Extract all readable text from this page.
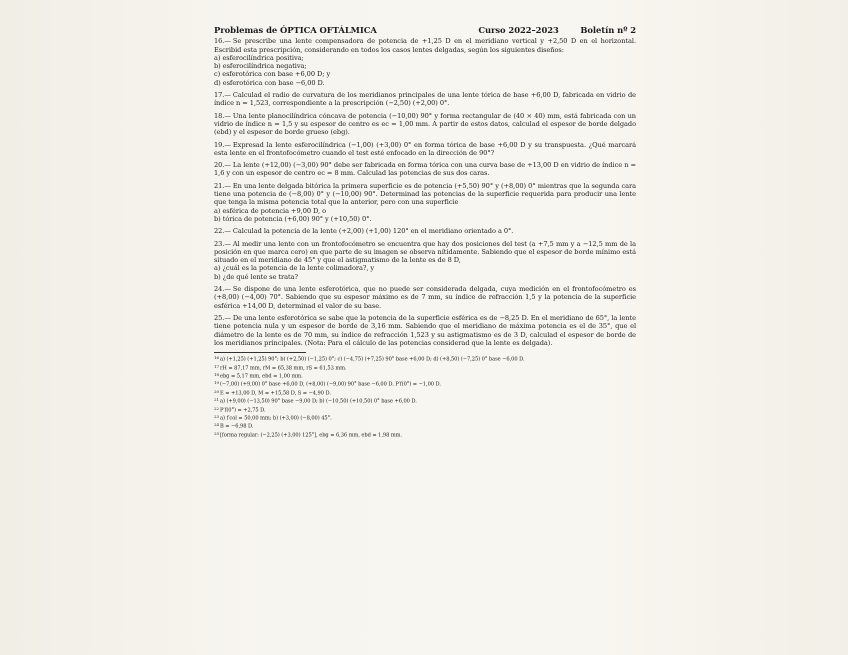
Problemas de ÓPTICA OFTÁLMICA	Curso 2022–2023	Boletín nº 2
16.— Se prescribe una lente compensadora de potencia de +1,25 D en el meridiano vertical y +2,50 D en el horizontal. Escribid esta prescripción, considerando en todos los casos lentes delgadas, según los siguientes diseños:
a) esferocilíndrica positiva;
b) esferocilíndrica negativa;
c) esferotórica con base +6,00 D; y
d) esferotórica con base −6,00 D.
17.— Calculad el radio de curvatura de los meridianos principales de una lente tórica de base +6,00 D, fabricada en vidrio de índice n = 1,523, correspondiente a la prescripción (−2,50) (+2,00) 0°.
18.— Una lente planocilíndrica cóncava de potencia (−10,00) 90° y forma rectangular de (40 × 40) mm, está fabricada con un vidrio de índice n = 1,5 y su espesor de centro es ec = 1,00 mm. A partir de estos datos, calculad el espesor de borde delgado (ebd) y el espesor de borde grueso (ebg).
19.— Expresad la lente esferocilíndrica (−1,00) (+3,00) 0° en forma tórica de base +6,00 D y su transpuesta. ¿Qué marcará esta lente en el frontofocómetro cuando el test esté enfocado en la dirección de 90°?
20.— La lente (+12,00) (−3,00) 90° debe ser fabricada en forma tórica con una curva base de +13,00 D en vidrio de índice n = 1,6 y con un espesor de centro ec = 8 mm. Calculad las potencias de sus dos caras.
21.— En una lente delgada bitórica la primera superficie es de potencia (+5,50) 90° y (+8,00) 0° mientras que la segunda cara tiene una potencia de (−8,00) 0° y (−10,00) 90°. Determinad las potencias de la superficie requerida para producir una lente que tenga la misma potencia total que la anterior, pero con una superficie
a) esférica de potencia +9,00 D, o
b) tórica de potencia (+6,00) 90° y (+10,50) 0°.
22.— Calculad la potencia de la lente (+2,00) (+1,00) 120° en el meridiano orientado a 0°.
23.— Al medir una lente con un frontofocómetro se encuentra que hay dos posiciones del test (a +7,5 mm y a −12,5 mm de la posición en que marca cero) en que parte de su imagen se observa nítidamente. Sabiendo que el espesor de borde mínimo está situado en el meridiano de 45° y que el astigmatismo de la lente es de 8 D,
a) ¿cuál es la potencia de la lente colimadora?, y
b) ¿de qué lente se trata?
24.— Se dispone de una lente esferotórica, que no puede ser considerada delgada, cuya medición en el frontofocómetro es (+8,00) (−4,00) 70°. Sabiendo que su espesor máximo es de 7 mm, su índice de refracción 1,5 y la potencia de la superficie esférica +14,00 D, determinad el valor de su base.
25.— De una lente esferotórica se sabe que la potencia de la superficie esférica es de −8,25 D. En el meridiano de 65°, la lente tiene potencia nula y un espesor de borde de 3,16 mm. Sabiendo que el meridiano de máxima potencia es el de 35°, que el diámetro de la lente es de 70 mm, su índice de refracción 1,523 y su astigmatismo es de 3 D, calculad el espesor de borde de los meridianos principales. (Nota: Para el cálculo de las potencias considerad que la lente es delgada).
$^{16}$a) (+1,25) (+1,25) 90°; b) (+2,50) (−1,25) 0°; c) (−4,75) (+7,25) 90° base +6,00 D; d) (+8,50) (−7,25) 0° base −6,00 D.
$^{17}$rH = 87,17 mm, rM = 65,38 mm, rS = 61,53 mm.
$^{18}$ebg = 5,17 mm, ebd = 1,00 mm.
$^{19}$(−7,00) (+9,00) 0° base +6,00 D, (+8,00) (−9,00) 90° base −6,00 D. P′f(0°) = −1,00 D.
$^{20}$E = +13,00 D, M = +15,58 D, S = −4,90 D.
$^{21}$a) (+9,00) (−13,50) 90° base −9,00 D; b) (−10,50) (+10,50) 0° base +6,00 D.
$^{22}$P′f(0°) = +2,75 D.
$^{23}$a) f′col = 50,00 mm; b) (+3,00) (−8,00) 45°.
$^{24}$B = −6,98 D.
$^{25}$[forma regular: (−2,25) (+3,00) 125°], ebg = 6,36 mm, ebd = 1,98 mm.
